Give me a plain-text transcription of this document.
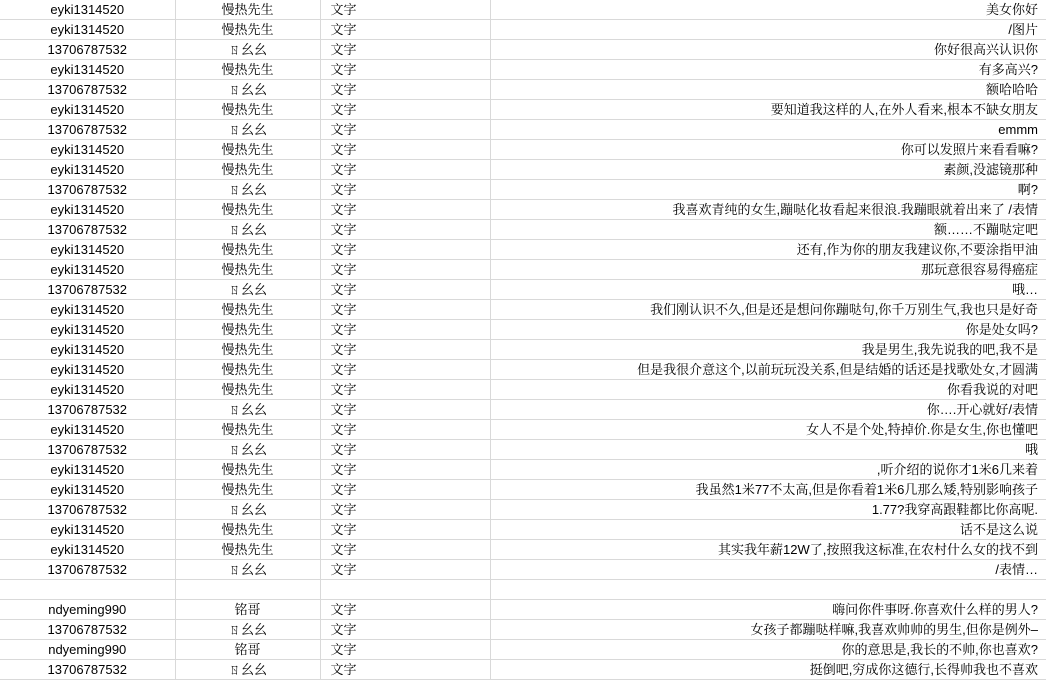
eyki1314520	慢热先生	文字	美女你好
eyki1314520	慢热先生	文字	/图片
13706787532	ㄖ幺幺	文字	你好很高兴认识你
eyki1314520	慢热先生	文字	有多高兴?
13706787532	ㄖ幺幺	文字	额哈哈哈
eyki1314520	慢热先生	文字	要知道我这样的人,在外人看来,根本不缺女朋友
13706787532	ㄖ幺幺	文字	emmm
eyki1314520	慢热先生	文字	你可以发照片来看看嘛?
eyki1314520	慢热先生	文字	素颜,没滤镜那种
13706787532	ㄖ幺幺	文字	啊?
eyki1314520	慢热先生	文字	我喜欢青纯的女生,蹦哒化妆看起来很浪.我蹦眼就着出来了 /表情
13706787532	ㄖ幺幺	文字	额……不蹦哒定吧
eyki1314520	慢热先生	文字	还有,作为你的朋友我建议你,不要涂指甲油
eyki1314520	慢热先生	文字	那玩意很容易得癌症
13706787532	ㄖ幺幺	文字	哦…
eyki1314520	慢热先生	文字	我们刚认识不久,但是还是想问你蹦哒句,你千万别生气,我也只是好奇
eyki1314520	慢热先生	文字	你是处女吗?
eyki1314520	慢热先生	文字	我是男生,我先说我的吧,我不是
eyki1314520	慢热先生	文字	但是我很介意这个,以前玩玩没关系,但是结婚的话还是找歌处女,才圆满
eyki1314520	慢热先生	文字	你看我说的对吧
13706787532	ㄖ幺幺	文字	你….开心就好/表情
eyki1314520	慢热先生	文字	女人不是个处,特掉价.你是女生,你也懂吧
13706787532	ㄖ幺幺	文字	哦
eyki1314520	慢热先生	文字	,听介绍的说你才1米6几来着
eyki1314520	慢热先生	文字	我虽然1米77不太高,但是你看着1米6几那么矮,特别影响孩子
13706787532	ㄖ幺幺	文字	1.77?我穿高跟鞋都比你高呢.
eyki1314520	慢热先生	文字	话不是这么说
eyki1314520	慢热先生	文字	其实我年薪12W了,按照我这标准,在农村什么女的找不到
13706787532	ㄖ幺幺	文字	/表情…

ndyeming990	铭哥	文字	嗨问你件事呀.你喜欢什么样的男人?
13706787532	ㄖ幺幺	文字	女孩子都蹦哒样嘛,我喜欢帅帅的男生,但你是例外–
ndyeming990	铭哥	文字	你的意思是,我长的不帅,你也喜欢?
13706787532	ㄖ幺幺	文字	挺倒吧,穷成你这德行,长得帅我也不喜欢
